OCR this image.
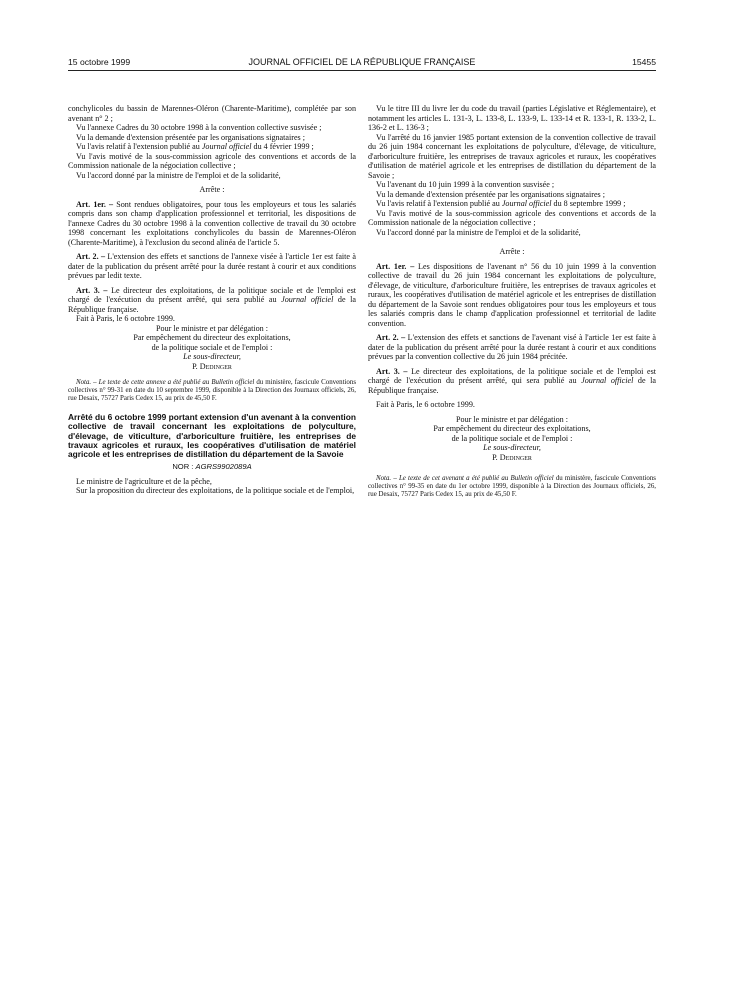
15 octobre 1999	JOURNAL OFFICIEL DE LA RÉPUBLIQUE FRANÇAISE	15455

conchylicoles du bassin de Marennes-Oléron (Charente-Maritime), complétée par son avenant n° 2 ;

Vu l'annexe Cadres du 30 octobre 1998 à la convention collective susvisée ;

Vu la demande d'extension présentée par les organisations signataires ;

Vu l'avis relatif à l'extension publié au Journal officiel du 4 février 1999 ;

Vu l'avis motivé de la sous-commission agricole des conventions et accords de la Commission nationale de la négociation collective ;

Vu l'accord donné par la ministre de l'emploi et de la solidarité,

Arrête :

Art. 1er. – Sont rendues obligatoires, pour tous les employeurs et tous les salariés compris dans son champ d'application professionnel et territorial, les dispositions de l'annexe Cadres du 30 octobre 1998 à la convention collective de travail du 30 octobre 1998 concernant les exploitations conchylicoles du bassin de Marennes-Oléron (Charente-Maritime), à l'exclusion du second alinéa de l'article 5.

Art. 2. – L'extension des effets et sanctions de l'annexe visée à l'article 1er est faite à dater de la publication du présent arrêté pour la durée restant à courir et aux conditions prévues par ledit texte.

Art. 3. – Le directeur des exploitations, de la politique sociale et de l'emploi est chargé de l'exécution du présent arrêté, qui sera publié au Journal officiel de la République française.

Fait à Paris, le 6 octobre 1999.

Pour le ministre et par délégation :
Par empêchement du directeur des exploitations,
de la politique sociale et de l'emploi :
Le sous-directeur,
P. Dedinger

Nota. – Le texte de cette annexe a été publié au Bulletin officiel du ministère, fascicule Conventions collectives n° 99-31 en date du 10 septembre 1999, disponible à la Direction des Journaux officiels, 26, rue Desaix, 75727 Paris Cedex 15, au prix de 45,50 F.

Arrêté du 6 octobre 1999 portant extension d'un avenant à la convention collective de travail concernant les exploitations de polyculture, d'élevage, de viticulture, d'arboriculture fruitière, les entreprises de travaux agricoles et ruraux, les coopératives d'utilisation de matériel agricole et les entreprises de distillation du département de la Savoie

NOR : AGRS9902089A

Le ministre de l'agriculture et de la pêche,

Sur la proposition du directeur des exploitations, de la politique sociale et de l'emploi,

Vu le titre III du livre Ier du code du travail (parties Législative et Réglementaire), et notamment les articles L. 131-3, L. 133-8, L. 133-9, L. 133-14 et R. 133-1, R. 133-2, L. 136-2 et L. 136-3 ;

Vu l'arrêté du 16 janvier 1985 portant extension de la convention collective de travail du 26 juin 1984 concernant les exploitations de polyculture, d'élevage, de viticulture, d'arboriculture fruitière, les entreprises de travaux agricoles et ruraux, les coopératives d'utilisation de matériel agricole et les entreprises de distillation du département de la Savoie ;

Vu l'avenant du 10 juin 1999 à la convention susvisée ;

Vu la demande d'extension présentée par les organisations signataires ;

Vu l'avis relatif à l'extension publié au Journal officiel du 8 septembre 1999 ;

Vu l'avis motivé de la sous-commission agricole des conventions et accords de la Commission nationale de la négociation collective ;

Vu l'accord donné par la ministre de l'emploi et de la solidarité,

Arrête :

Art. 1er. – Les dispositions de l'avenant n° 56 du 10 juin 1999 à la convention collective de travail du 26 juin 1984 concernant les exploitations de polyculture, d'élevage, de viticulture, d'arboriculture fruitière, les entreprises de travaux agricoles et ruraux, les coopératives d'utilisation de matériel agricole et les entreprises de distillation du département de la Savoie sont rendues obligatoires pour tous les employeurs et tous les salariés compris dans le champ d'application professionnel et territorial de ladite convention.

Art. 2. – L'extension des effets et sanctions de l'avenant visé à l'article 1er est faite à dater de la publication du présent arrêté pour la durée restant à courir et aux conditions prévues par la convention collective du 26 juin 1984 précitée.

Art. 3. – Le directeur des exploitations, de la politique sociale et de l'emploi est chargé de l'exécution du présent arrêté, qui sera publié au Journal officiel de la République française.

Fait à Paris, le 6 octobre 1999.

Pour le ministre et par délégation :
Par empêchement du directeur des exploitations,
de la politique sociale et de l'emploi :
Le sous-directeur,
P. Dedinger

Nota. – Le texte de cet avenant a été publié au Bulletin officiel du ministère, fascicule Conventions collectives n° 99-35 en date du 1er octobre 1999, disponible à la Direction des Journaux officiels, 26, rue Desaix, 75727 Paris Cedex 15, au prix de 45,50 F.
